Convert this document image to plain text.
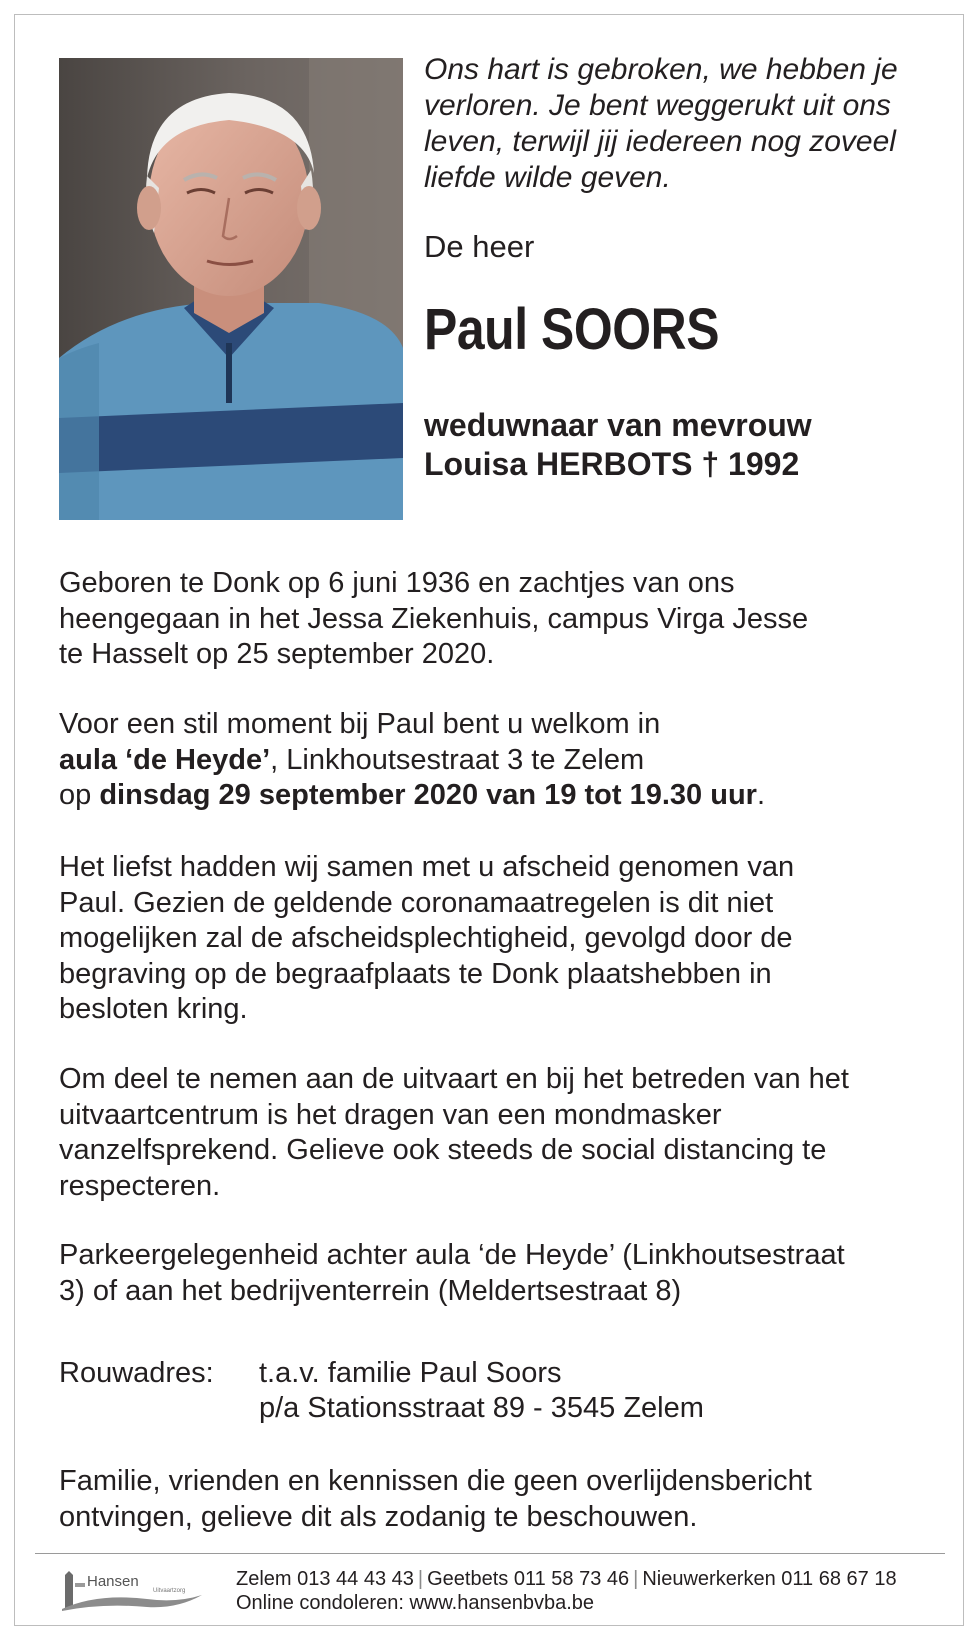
Ons hart is gebroken, we hebben je
verloren. Je bent weggerukt uit ons
leven, terwijl jij iedereen nog zoveel
liefde wilde geven.
De heer
Paul SOORS
weduwnaar van mevrouw
Louisa HERBOTS † 1992
Geboren te Donk op 6 juni 1936 en zachtjes van ons
heengegaan in het Jessa Ziekenhuis, campus Virga Jesse
te Hasselt op 25 september 2020.
Voor een stil moment bij Paul bent u welkom in
aula ‘de Heyde’, Linkhoutsestraat 3 te Zelem
op dinsdag 29 september 2020 van 19 tot 19.30 uur.
Het liefst hadden wij samen met u afscheid genomen van
Paul. Gezien de geldende coronamaatregelen is dit niet
mogelijken zal de afscheidsplechtigheid, gevolgd door de
begraving op de begraafplaats te Donk plaatshebben in
besloten kring.
Om deel te nemen aan de uitvaart en bij het betreden van het
uitvaartcentrum is het dragen van een mondmasker
vanzelfsprekend. Gelieve ook steeds de social distancing te
respecteren.
Parkeergelegenheid achter aula ‘de Heyde’ (Linkhoutsestraat
3) of aan het bedrijventerrein (Meldertsestraat 8)
Rouwadres: t.a.v. familie Paul Soors
p/a Stationsstraat 89 - 3545 Zelem
Familie, vrienden en kennissen die geen overlijdensbericht
ontvingen, gelieve dit als zodanig te beschouwen.
Hansen
Uitvaartzorg
Zelem 013 44 43 43 | Geetbets 011 58 73 46 | Nieuwerkerken 011 68 67 18
Online condoleren: www.hansenbvba.be
